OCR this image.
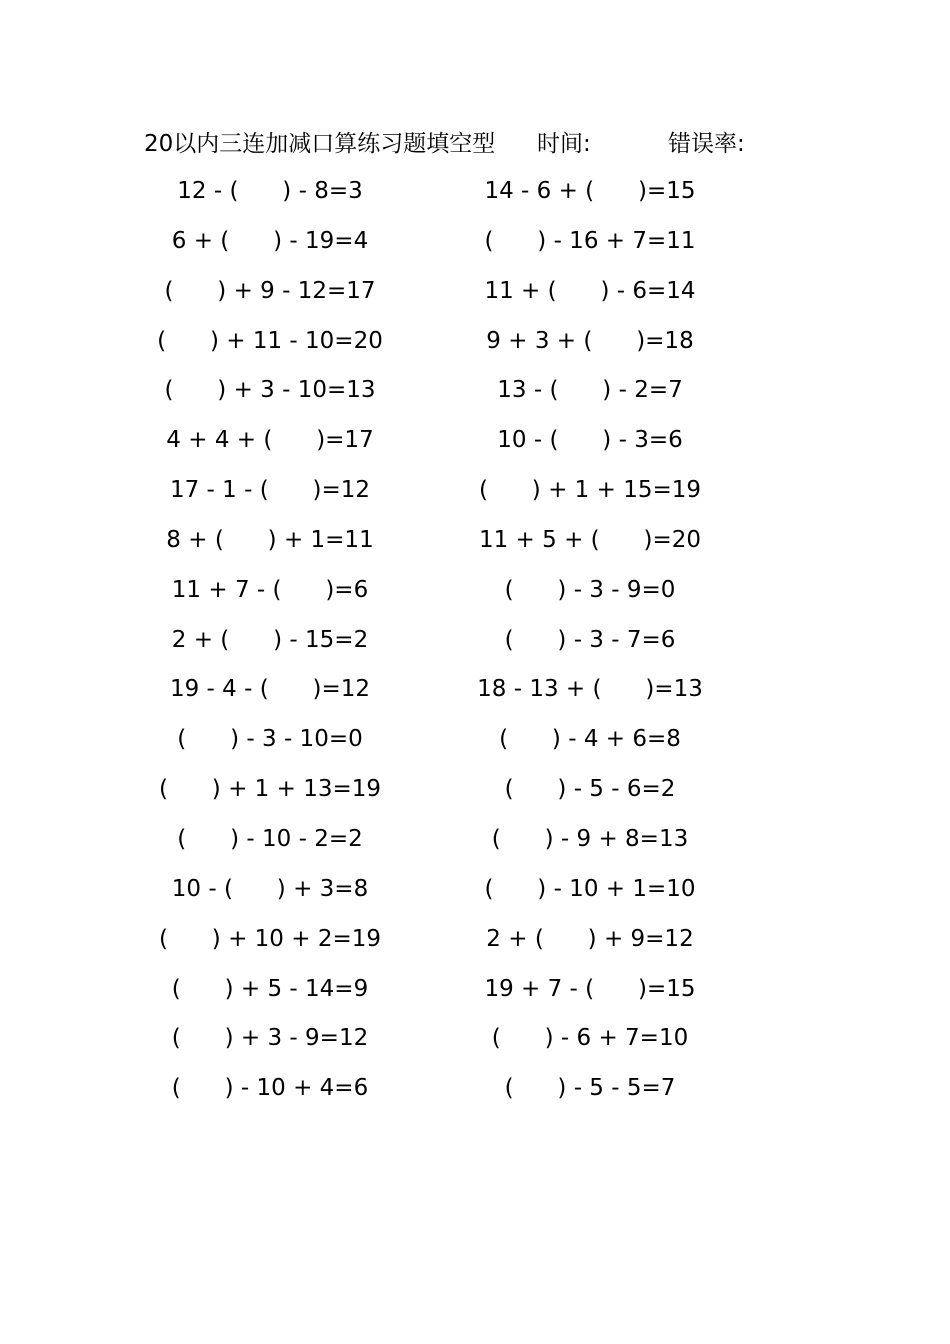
20以内三连加减口算练习题填空型 时间:	错误率:
12 - (      ) - 8=3
6 + (      ) - 19=4
(      ) + 9 - 12=17
(      ) + 11 - 10=20
(      ) + 3 - 10=13
4 + 4 + (      )=17
17 - 1 - (      )=12
8 + (      ) + 1=11
11 + 7 - (      )=6
2 + (      ) - 15=2
19 - 4 - (      )=12
(      ) - 3 - 10=0
(      ) + 1 + 13=19
(      ) - 10 - 2=2
10 - (      ) + 3=8
(      ) + 10 + 2=19
(      ) + 5 - 14=9
(      ) + 3 - 9=12
(      ) - 10 + 4=6
14 - 6 + (      )=15
(      ) - 16 + 7=11
11 + (      ) - 6=14
9 + 3 + (      )=18
13 - (      ) - 2=7
10 - (      ) - 3=6
(      ) + 1 + 15=19
11 + 5 + (      )=20
(      ) - 3 - 9=0
(      ) - 3 - 7=6
18 - 13 + (      )=13
(      ) - 4 + 6=8
(      ) - 5 - 6=2
(      ) - 9 + 8=13
(      ) - 10 + 1=10
2 + (      ) + 9=12
19 + 7 - (      )=15
(      ) - 6 + 7=10
(      ) - 5 - 5=7
